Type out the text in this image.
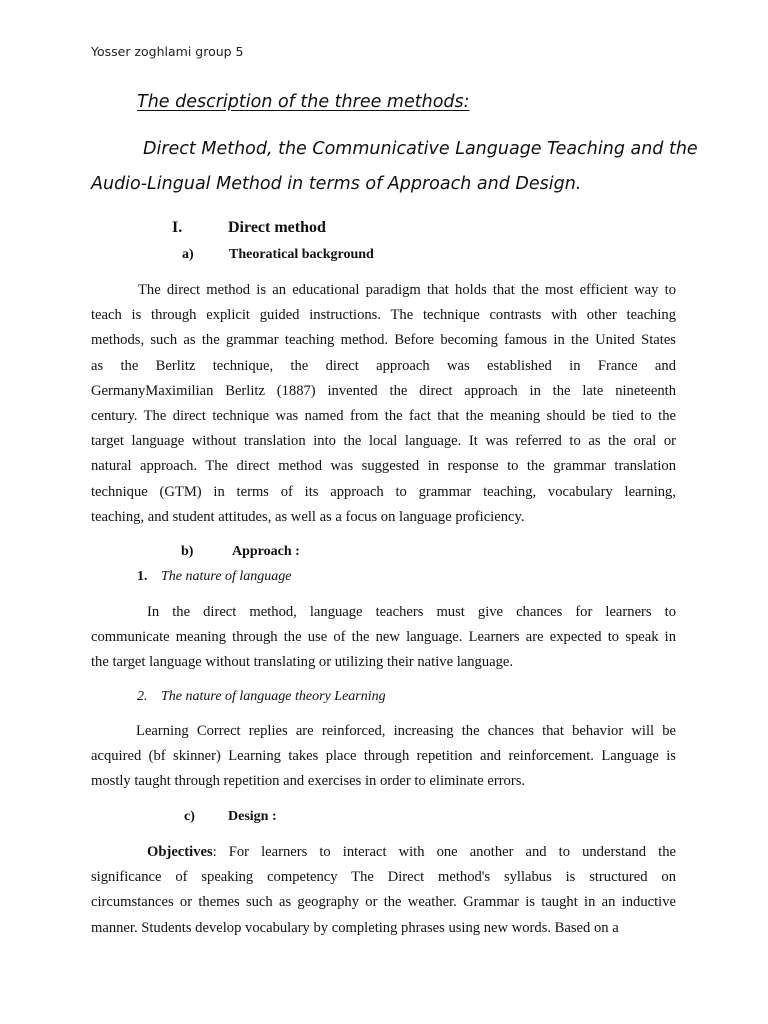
Yosser zoghlami group 5
The description of the three methods:
Direct Method, the Communicative Language Teaching and the
Audio-Lingual Method in terms of Approach and Design.
I.	Direct method
a)	Theoratical background
The direct method is an educational paradigm that holds that the most efficient way to
teach is through explicit guided instructions. The technique contrasts with other teaching
methods, such as the grammar teaching method. Before becoming famous in the United States
as the Berlitz technique, the direct approach was established in France and
GermanyMaximilian Berlitz (1887) invented the direct approach in the late nineteenth
century. The direct technique was named from the fact that the meaning should be tied to the
target language without translation into the local language. It was referred to as the oral or
natural approach. The direct method was suggested in response to the grammar translation
technique (GTM) in terms of its approach to grammar teaching, vocabulary learning,
teaching, and student attitudes, as well as a focus on language proficiency.
b)	Approach :
1. The nature of language
In the direct method, language teachers must give chances for learners to
communicate meaning through the use of the new language. Learners are expected to speak in
the target language without translating or utilizing their native language.
2. The nature of language theory Learning
Learning Correct replies are reinforced, increasing the chances that behavior will be
acquired (bf skinner) Learning takes place through repetition and reinforcement. Language is
mostly taught through repetition and exercises in order to eliminate errors.
c) Design :
Objectives: For learners to interact with one another and to understand the
significance of speaking competency The Direct method's syllabus is structured on
circumstances or themes such as geography or the weather. Grammar is taught in an inductive
manner. Students develop vocabulary by completing phrases using new words. Based on a
